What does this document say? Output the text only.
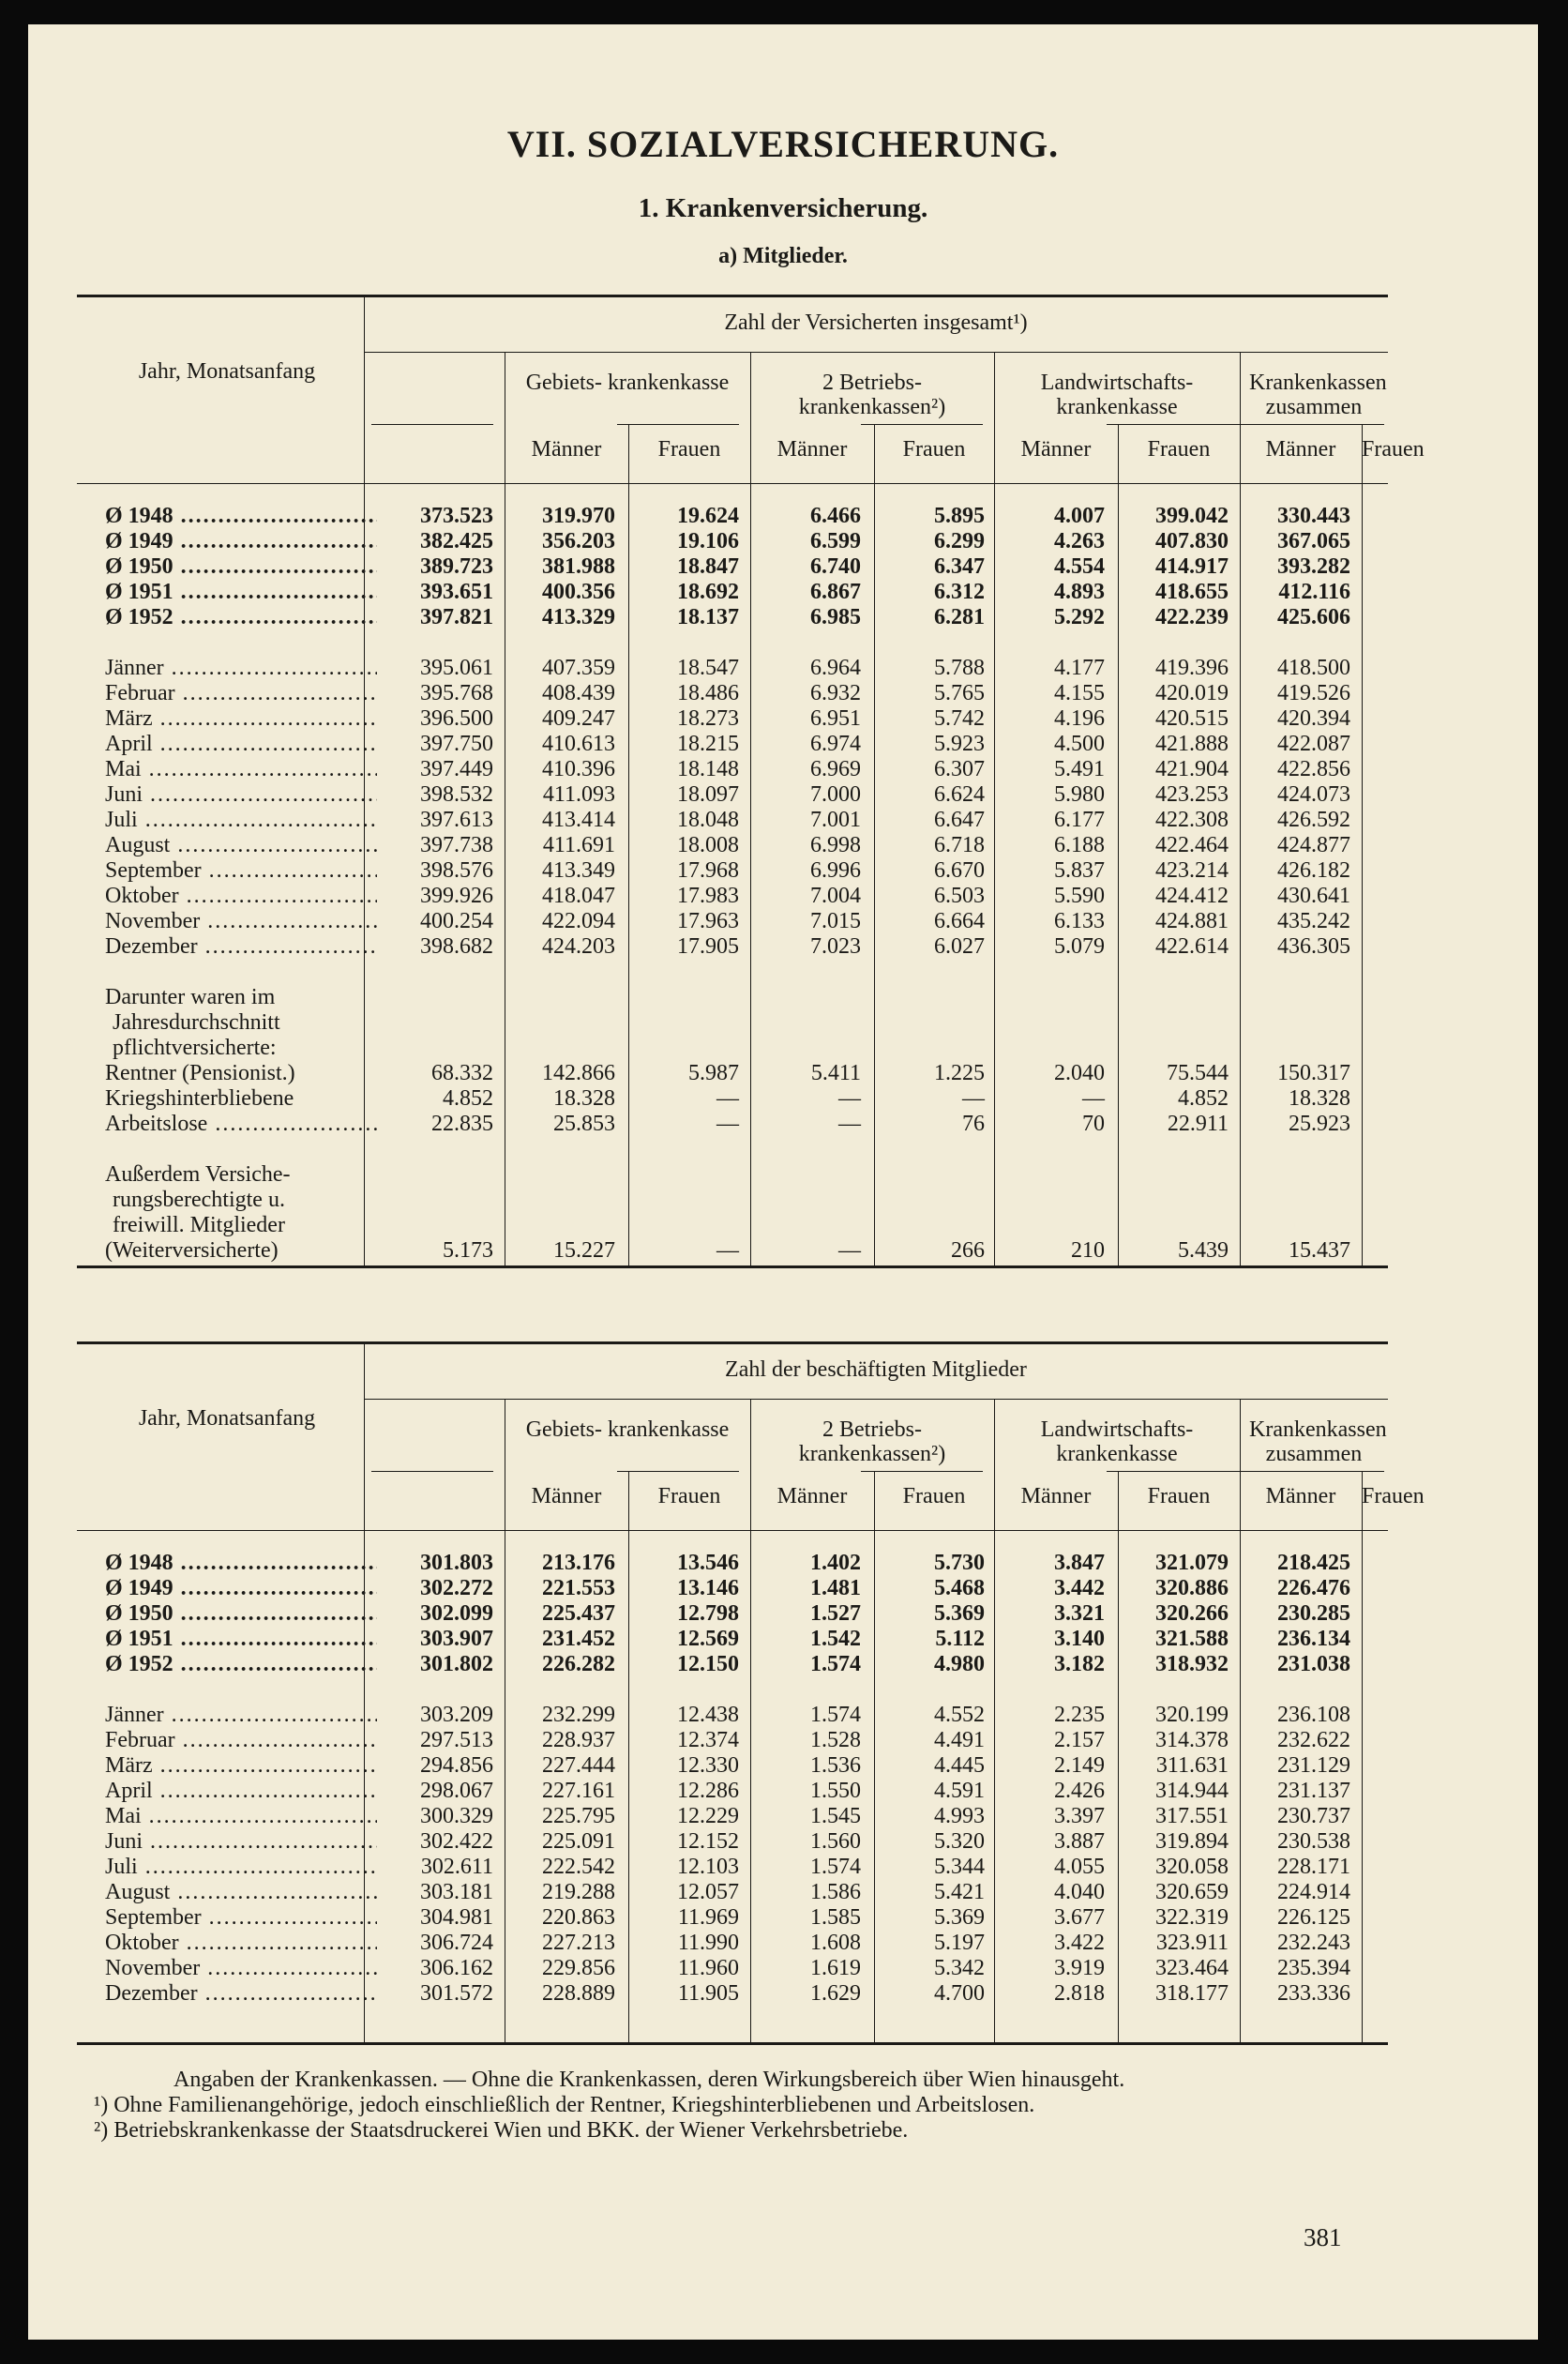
VII. SOZIALVERSICHERUNG.
1. Krankenversicherung.
a) Mitglieder.
Jahr, Monatsanfang
Zahl der Versicherten insgesamt¹)
Gebiets- krankenkasse
Männer	Frauen
2 Betriebs- krankenkassen²)
Männer	Frauen
Landwirtschafts- krankenkasse
Männer	Frauen
Krankenkassen zusammen
Männer	Frauen
Ø 1948 .....	373.523	319.970	19.624	6.466	5.895	4.007	399.042	330.443
Ø 1949 .....	382.425	356.203	19.106	6.599	6.299	4.263	407.830	367.065
Ø 1950 .....	389.723	381.988	18.847	6.740	6.347	4.554	414.917	393.282
Ø 1951 .....	393.651	400.356	18.692	6.867	6.312	4.893	418.655	412.116
Ø 1952 .....	397.821	413.329	18.137	6.985	6.281	5.292	422.239	425.606
Jänner .....	395.061	407.359	18.547	6.964	5.788	4.177	419.396	418.500
Februar .....	395.768	408.439	18.486	6.932	5.765	4.155	420.019	419.526
März .....	396.500	409.247	18.273	6.951	5.742	4.196	420.515	420.394
April .....	397.750	410.613	18.215	6.974	5.923	4.500	421.888	422.087
Mai .....	397.449	410.396	18.148	6.969	6.307	5.491	421.904	422.856
Juni .....	398.532	411.093	18.097	7.000	6.624	5.980	423.253	424.073
Juli .....	397.613	413.414	18.048	7.001	6.647	6.177	422.308	426.592
August .....	397.738	411.691	18.008	6.998	6.718	6.188	422.464	424.877
September .....	398.576	413.349	17.968	6.996	6.670	5.837	423.214	426.182
Oktober .....	399.926	418.047	17.983	7.004	6.503	5.590	424.412	430.641
November .....	400.254	422.094	17.963	7.015	6.664	6.133	424.881	435.242
Dezember .....	398.682	424.203	17.905	7.023	6.027	5.079	422.614	436.305
Darunter waren im
Jahresdurchschnitt
pflichtversicherte:
Rentner (Pensionist.)	68.332	142.866	5.987	5.411	1.225	2.040	75.544	150.317
Kriegshinterbliebene	4.852	18.328	—	—	—	—	4.852	18.328
Arbeitslose .....	22.835	25.853	—	—	76	70	22.911	25.923
Außerdem Versiche-
rungsberechtigte u.
freiwill. Mitglieder
(Weiterversicherte)	5.173	15.227	—	—	266	210	5.439	15.437
Jahr, Monatsanfang
Zahl der beschäftigten Mitglieder
Gebiets- krankenkasse
Männer	Frauen
2 Betriebs- krankenkassen²)
Männer	Frauen
Landwirtschafts- krankenkasse
Männer	Frauen
Krankenkassen zusammen
Männer	Frauen
Ø 1948 .....	301.803	213.176	13.546	1.402	5.730	3.847	321.079	218.425
Ø 1949 .....	302.272	221.553	13.146	1.481	5.468	3.442	320.886	226.476
Ø 1950 .....	302.099	225.437	12.798	1.527	5.369	3.321	320.266	230.285
Ø 1951 .....	303.907	231.452	12.569	1.542	5.112	3.140	321.588	236.134
Ø 1952 .....	301.802	226.282	12.150	1.574	4.980	3.182	318.932	231.038
Jänner .....	303.209	232.299	12.438	1.574	4.552	2.235	320.199	236.108
Februar .....	297.513	228.937	12.374	1.528	4.491	2.157	314.378	232.622
März .....	294.856	227.444	12.330	1.536	4.445	2.149	311.631	231.129
April .....	298.067	227.161	12.286	1.550	4.591	2.426	314.944	231.137
Mai .....	300.329	225.795	12.229	1.545	4.993	3.397	317.551	230.737
Juni .....	302.422	225.091	12.152	1.560	5.320	3.887	319.894	230.538
Juli .....	302.611	222.542	12.103	1.574	5.344	4.055	320.058	228.171
August .....	303.181	219.288	12.057	1.586	5.421	4.040	320.659	224.914
September .....	304.981	220.863	11.969	1.585	5.369	3.677	322.319	226.125
Oktober .....	306.724	227.213	11.990	1.608	5.197	3.422	323.911	232.243
November .....	306.162	229.856	11.960	1.619	5.342	3.919	323.464	235.394
Dezember .....	301.572	228.889	11.905	1.629	4.700	2.818	318.177	233.336

Angaben der Krankenkassen. — Ohne die Krankenkassen, deren Wirkungsbereich über Wien hinausgeht.

¹) Ohne Familienangehörige, jedoch einschließlich der Rentner, Kriegshinterbliebenen und Arbeitslosen.

²) Betriebskrankenkasse der Staatsdruckerei Wien und BKK. der Wiener Verkehrsbetriebe.

381
